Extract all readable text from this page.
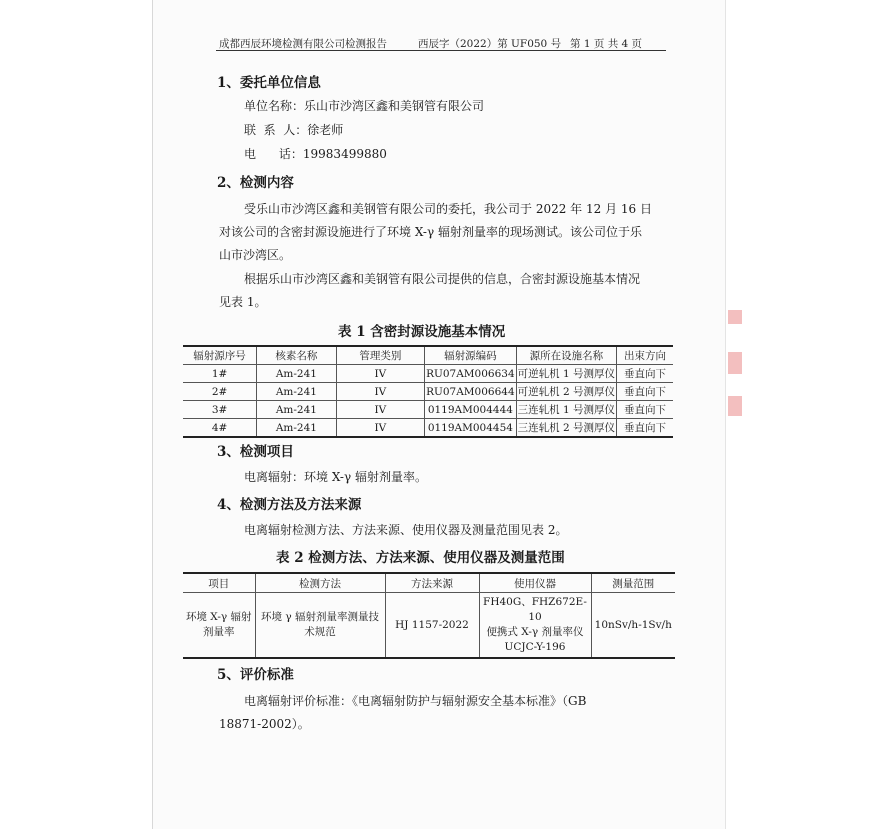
成都西辰环境检测有限公司检测报告	西辰字（2022）第 UF050 号 第 1 页 共 4 页
1、委托单位信息
单位名称：乐山市沙湾区鑫和美钢管有限公司
联  系  人：徐老师
电      话：19983499880
2、检测内容
受乐山市沙湾区鑫和美钢管有限公司的委托，我公司于 2022 年 12 月 16 日
对该公司的含密封源设施进行了环境 X-γ 辐射剂量率的现场测试。该公司位于乐
山市沙湾区。
根据乐山市沙湾区鑫和美钢管有限公司提供的信息，合密封源设施基本情况
见表 1。
表 1 含密封源设施基本情况
辐射源序号	核素名称	管理类别	辐射源编码	源所在设施名称	出束方向
1#	Am-241	IV	RU07AM006634	可逆轧机 1 号测厚仪	垂直向下
2#	Am-241	IV	RU07AM006644	可逆轧机 2 号测厚仪	垂直向下
3#	Am-241	IV	0119AM004444	三连轧机 1 号测厚仪	垂直向下
4#	Am-241	IV	0119AM004454	三连轧机 2 号测厚仪	垂直向下
3、检测项目
电离辐射：环境 X-γ 辐射剂量率。
4、检测方法及方法来源
电离辐射检测方法、方法来源、使用仪器及测量范围见表 2。
表 2 检测方法、方法来源、使用仪器及测量范围
项目	检测方法	方法来源	使用仪器	测量范围
环境 X-γ 辐射剂量率	环境 γ 辐射剂量率测量技术规范	HJ 1157-2022	FH40G、FHZ672E-10
便携式 X-γ 剂量率仪
UCJC-Y-196	10nSv/h-1Sv/h
5、评价标准
电离辐射评价标准：《电离辐射防护与辐射源安全基本标准》（GB
18871-2002）。
